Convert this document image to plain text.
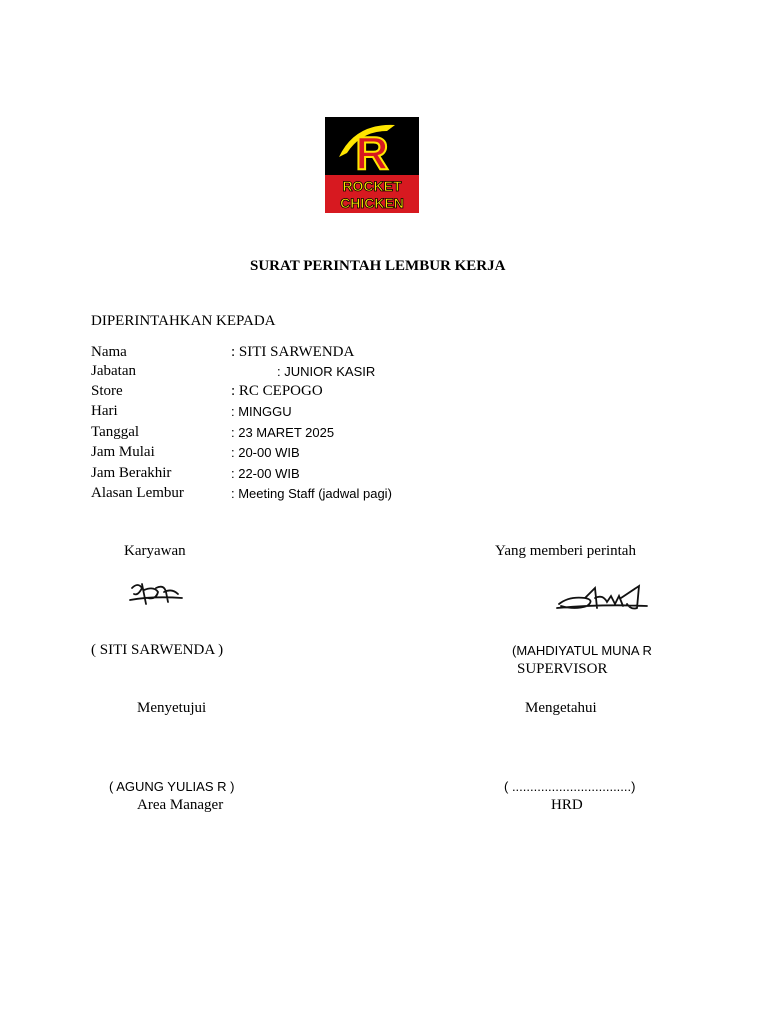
R
ROCKET
CHICKEN
SURAT PERINTAH LEMBUR KERJA
DIPERINTAHKAN KEPADA
Nama	: SITI SARWENDA
Jabatan	: JUNIOR KASIR
Store	: RC CEPOGO
Hari	: MINGGU
Tanggal	: 23 MARET 2025
Jam Mulai	: 20-00 WIB
Jam Berakhir	: 22-00 WIB
Alasan Lembur	: Meeting Staff (jadwal pagi)
Karyawan	Yang memberi perintah
( SITI SARWENDA )	(MAHDIYATUL MUNA R
SUPERVISOR
Menyetujui	Mengetahui
( AGUNG YULIAS R )	( .................................)
Area Manager	HRD
